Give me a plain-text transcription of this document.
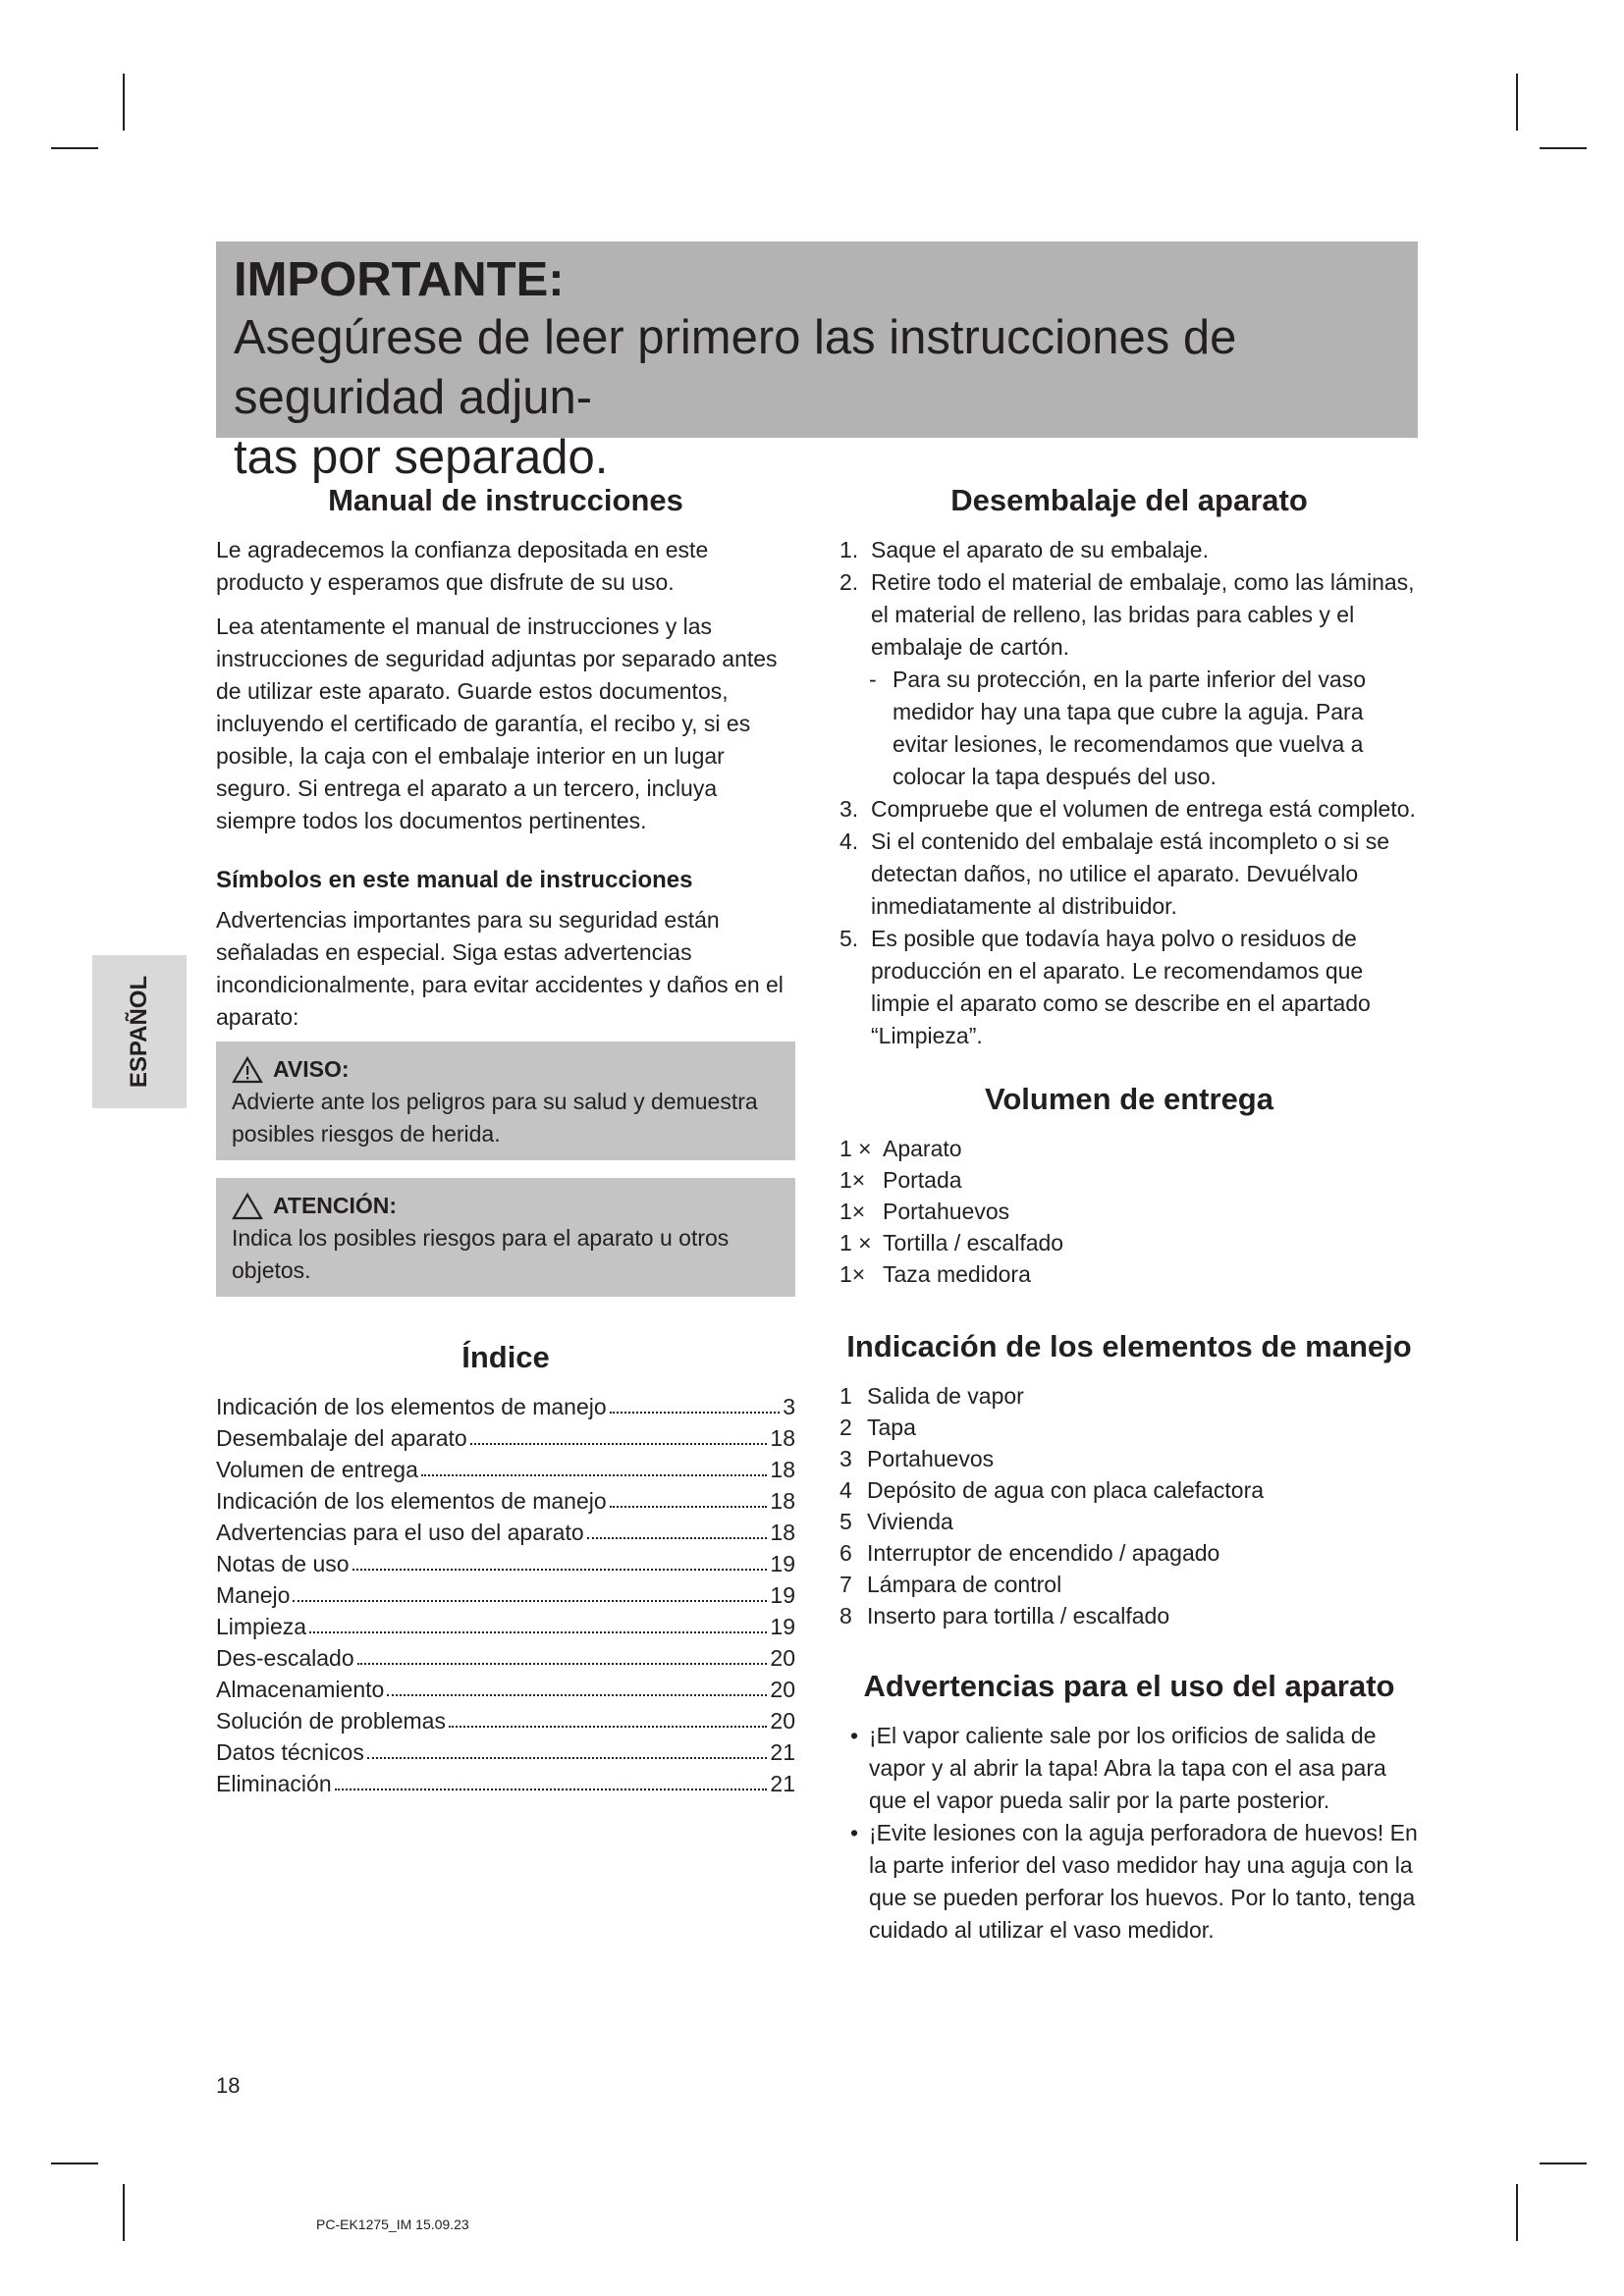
IMPORTANTE:
Asegúrese de leer primero las instrucciones de seguridad adjun-
tas por separado.
ESPAÑOL
Manual de instrucciones

Le agradecemos la confianza depositada en este producto y esperamos que disfrute de su uso.

Lea atentamente el manual de instrucciones y las instrucciones de seguridad adjuntas por separado antes de utilizar este aparato. Guarde estos documentos, incluyendo el certificado de garantía, el recibo y, si es posible, la caja con el embalaje interior en un lugar seguro. Si entrega el aparato a un tercero, incluya siempre todos los documentos pertinentes.

Símbolos en este manual de instrucciones

Advertencias importantes para su seguridad están señaladas en especial. Siga estas advertencias incondicionalmente, para evitar accidentes y daños en el aparato:

AVISO:
Advierte ante los peligros para su salud y demuestra posibles riesgos de herida.
ATENCIÓN:
Indica los posibles riesgos para el aparato u otros objetos.
Índice
Indicación de los elementos de manejo	3
Desembalaje del aparato	18
Volumen de entrega	18
Indicación de los elementos de manejo	18
Advertencias para el uso del aparato	18
Notas de uso	19
Manejo	19
Limpieza	19
Des-escalado	20
Almacenamiento	20
Solución de problemas	20
Datos técnicos	21
Eliminación	21
Desembalaje del aparato
1. Saque el aparato de su embalaje.
2. Retire todo el material de embalaje, como las láminas, el material de relleno, las bridas para cables y el embalaje de cartón.
- Para su protección, en la parte inferior del vaso medidor hay una tapa que cubre la aguja. Para evitar lesiones, le recomendamos que vuelva a colocar la tapa después del uso.
3. Compruebe que el volumen de entrega está completo.
4. Si el contenido del embalaje está incompleto o si se detectan daños, no utilice el aparato. Devuélvalo inmediatamente al distribuidor.
5. Es posible que todavía haya polvo o residuos de producción en el aparato. Le recomendamos que limpie el aparato como se describe en el apartado “Limpieza”.
Volumen de entrega
1 × Aparato
1× Portada
1× Portahuevos
1 × Tortilla / escalfado
1× Taza medidora
Indicación de los elementos de manejo
1 Salida de vapor
2 Tapa
3 Portahuevos
4 Depósito de agua con placa calefactora
5 Vivienda
6 Interruptor de encendido / apagado
7 Lámpara de control
8 Inserto para tortilla / escalfado
Advertencias para el uso del aparato
• ¡El vapor caliente sale por los orificios de salida de vapor y al abrir la tapa! Abra la tapa con el asa para que el vapor pueda salir por la parte posterior.
• ¡Evite lesiones con la aguja perforadora de huevos! En la parte inferior del vaso medidor hay una aguja con la que se pueden perforar los huevos. Por lo tanto, tenga cuidado al utilizar el vaso medidor.
18
PC-EK1275_IM 15.09.23
